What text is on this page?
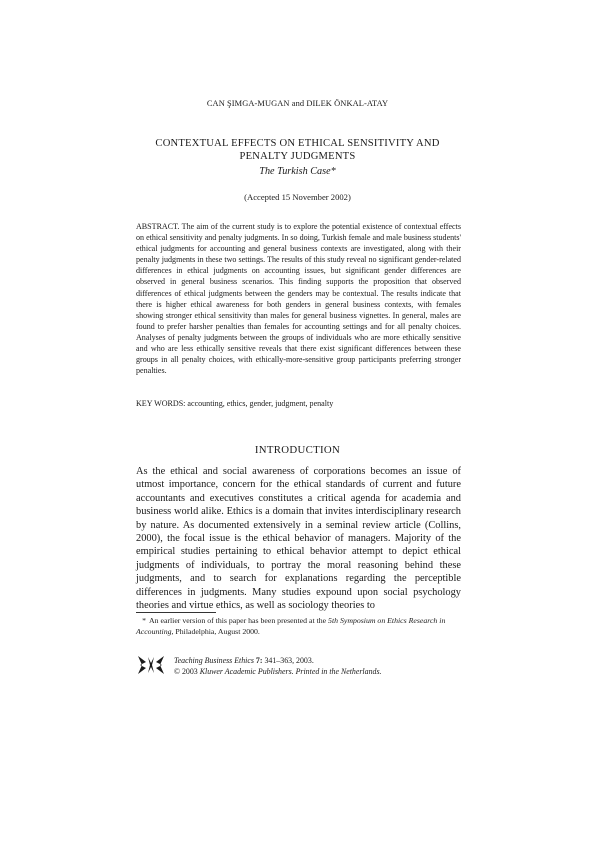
CAN ŞIMGA-MUGAN and DILEK ÖNKAL-ATAY
CONTEXTUAL EFFECTS ON ETHICAL SENSITIVITY AND
PENALTY JUDGMENTS
The Turkish Case*
(Accepted 15 November 2002)
ABSTRACT. The aim of the current study is to explore the potential existence of contextual effects on ethical sensitivity and penalty judgments. In so doing, Turkish female and male business students' ethical judgments for accounting and general business contexts are investigated, along with their penalty judgments in these two settings. The results of this study reveal no significant gender-related differences in ethical judgments on accounting issues, but significant gender differences are observed in general business scenarios. This finding supports the proposition that observed differences of ethical judgments between the genders may be contextual. The results indicate that there is higher ethical awareness for both genders in general business contexts, with females showing stronger ethical sensitivity than males for general business vignettes. In general, males are found to prefer harsher penalties than females for accounting settings and for all penalty choices. Analyses of penalty judgments between the groups of individuals who are more ethically sensitive and who are less ethically sensitive reveals that there exist significant differences between these groups in all penalty choices, with ethically-more-sensitive group participants preferring stronger penalties.
KEY WORDS: accounting, ethics, gender, judgment, penalty
INTRODUCTION
As the ethical and social awareness of corporations becomes an issue of utmost importance, concern for the ethical standards of current and future accountants and executives constitutes a critical agenda for academia and business world alike. Ethics is a domain that invites interdisciplinary research by nature. As documented extensively in a seminal review article (Collins, 2000), the focal issue is the ethical behavior of managers. Majority of the empirical studies pertaining to ethical behavior attempt to depict ethical judgments of individuals, to portray the moral reasoning behind these judgments, and to search for explanations regarding the perceptible differences in judgments. Many studies expound upon social psychology theories and virtue ethics, as well as sociology theories to
* An earlier version of this paper has been presented at the 5th Symposium on Ethics Research in Accounting, Philadelphia, August 2000.
Teaching Business Ethics 7: 341–363, 2003.
© 2003 Kluwer Academic Publishers. Printed in the Netherlands.
